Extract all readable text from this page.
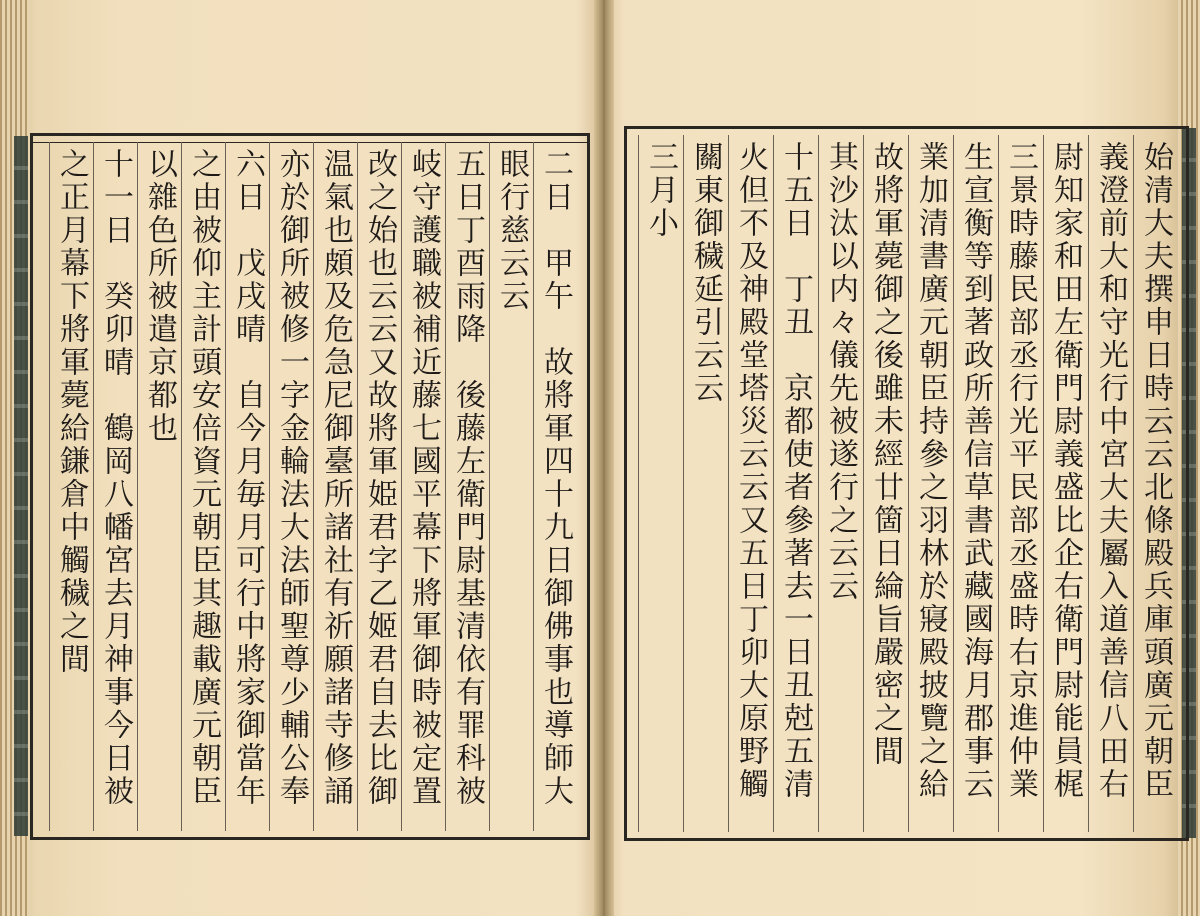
二日　甲午　故將軍四十九日御佛事也導師大
眼行慈云云
五日丁酉雨降　後藤左衛門尉基清依有罪科被
岐守護職被補近藤七國平幕下將軍御時被定置
改之始也云云又故將軍姫君字乙姬君自去比御
温氣也頗及危急尼御臺所諸社有祈願諸寺修誦
亦於御所被修一字金輪法大法師聖尊少輔公奉
六日　戊戌晴　自今月毎月可行中將家御當年
之由被仰主計頭安倍資元朝臣其趣載廣元朝臣
以雜色所被遣京都也
十一日　癸卯晴　鶴岡八幡宮去月神事今日被
之正月幕下將軍薨給鎌倉中觸穢之間	始清大夫撰申日時云云北條殿兵庫頭廣元朝臣
義澄前大和守光行中宮大夫屬入道善信八田右
尉知家和田左衛門尉義盛比企右衛門尉能員梶
三景時藤民部丞行光平民部丞盛時右京進仲業
生宣衡等到著政所善信草書武藏國海月郡事云
業加清書廣元朝臣持參之羽林於寢殿披覽之給
故將軍薨御之後雖未經廿箇日綸旨嚴密之間
其沙汰以内々儀先被遂行之云云
十五日　丁丑　京都使者參著去一日丑尅五清
火但不及神殿堂塔災云云又五日丁卯大原野觸
關東御穢延引云云
三月小
